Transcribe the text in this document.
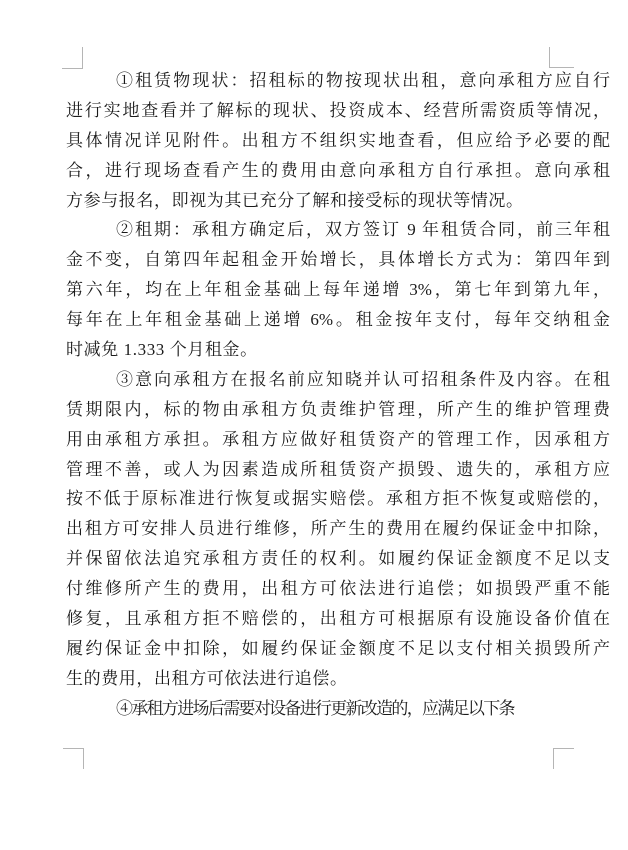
①租赁物现状：招租标的物按现状出租，意向承租方应自行
进行实地查看并了解标的现状、投资成本、经营所需资质等情况，
具体情况详见附件。出租方不组织实地查看，但应给予必要的配
合，进行现场查看产生的费用由意向承租方自行承担。意向承租
方参与报名，即视为其已充分了解和接受标的现状等情况。
②租期：承租方确定后，双方签订 9 年租赁合同，前三年租
金不变，自第四年起租金开始增长，具体增长方式为：第四年到
第六年，均在上年租金基础上每年递增 3%，第七年到第九年，
每年在上年租金基础上递增 6%。租金按年支付，每年交纳租金
时减免 1.333 个月租金。
③意向承租方在报名前应知晓并认可招租条件及内容。在租
赁期限内，标的物由承租方负责维护管理，所产生的维护管理费
用由承租方承担。承租方应做好租赁资产的管理工作，因承租方
管理不善，或人为因素造成所租赁资产损毁、遗失的，承租方应
按不低于原标准进行恢复或据实赔偿。承租方拒不恢复或赔偿的，
出租方可安排人员进行维修，所产生的费用在履约保证金中扣除，
并保留依法追究承租方责任的权利。如履约保证金额度不足以支
付维修所产生的费用，出租方可依法进行追偿；如损毁严重不能
修复，且承租方拒不赔偿的，出租方可根据原有设施设备价值在
履约保证金中扣除，如履约保证金额度不足以支付相关损毁所产
生的费用，出租方可依法进行追偿。
④承租方进场后需要对设备进行更新改造的，应满足以下条
